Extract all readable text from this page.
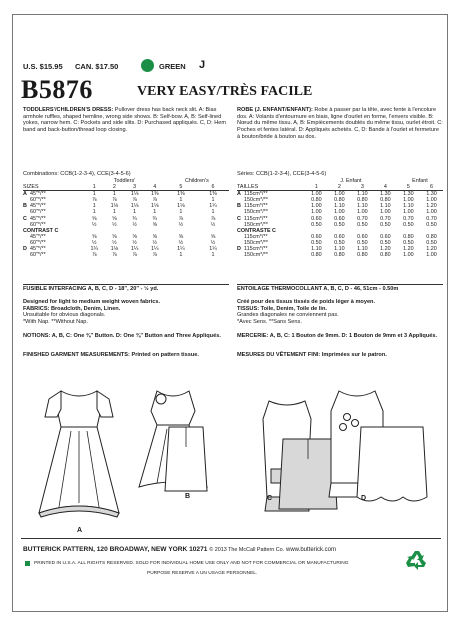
U.S. $15.95 CAN. $17.50	GREEN J
B5876	VERY EASY/TRÈS FACILE
TODDLERS'/CHILDREN'S DRESS: Pullover dress has back neck slit. A: Bias armhole ruffles, shaped hemline, wrong side shows. B: Self-bow. A, B: Self-lined yokes, narrow hem. C: Pockets and side slits. D: Purchased appliqués. C, D: Hem band and back-button/thread loop closing.
ROBE (J. ENFANT/ENFANT): Robe à passer par la tête, avec fente à l'encolure dos. A: Volants d'entournure en biais, ligne d'ourlet en forme, l'envers visible. B: Nœud du même tissu. A, B: Empiècements doublés du même tissu, ourlet étroit. C: Poches et fentes latéral. D: Appliqués achetés. C, D: Bande à l'ourlet et fermeture à bouton/bride à bouton au dos.
Combinations: CCB(1-2-3-4), CCE(3-4-5-6)	Séries: CCB(1-2-3-4), CCE(3-4-5-6)
	Toddlers'				Children's	
SIZES	1	2	3	4	5	6
A 45"*/**	1	1	1⅛	1⅜	1⅜	1⅜
60"*/**	⅞	⅞	⅞	⅞	1	1
B 45"*/**	1	1⅛	1⅛	1⅛	1⅛	1¼
60"*/**	1	1	1	1	1	1
C 45"*/**	⅝	⅝	¾	¾	⅞	⅞
60"*/**	½	½	½	⅝	½	½
CONTRAST C						
45"*/**	⅝	⅝	⅝	⅝	⅝	⅝
60"*/**	½	½	½	½	½	½
D 45"*/**	1¼	1⅛	1¼	1¼	1¼	1¼
60"*/**	⅞	⅞	⅞	⅞	1	1
	J. Enfant				Enfant	
TAILLES	1	2	3	4	5	6
A 115cm*/**	1.00	1.00	1.10	1.30	1.30	1.30
150cm*/**	0.80	0.80	0.80	0.80	1.00	1.00
B 115cm*/**	1.00	1.10	1.10	1.10	1.10	1.20
150cm*/**	1.00	1.00	1.00	1.00	1.00	1.00
C 115cm*/**	0.60	0.60	0.70	0.70	0.70	0.70
150cm*/**	0.50	0.50	0.50	0.50	0.50	0.50
CONTRASTE C						
115cm*/**	0.60	0.60	0.60	0.60	0.80	0.80
150cm*/**	0.50	0.50	0.50	0.50	0.50	0.50
D 115cm*/**	1.10	1.10	1.10	1.20	1.20	1.20
150cm*/**	0.80	0.80	0.80	0.80	1.00	1.00
FUSIBLE INTERFACING A, B, C, D - 18", 20" - ½ yd.	ENTOILAGE THERMOCOLLANT A, B, C, D - 46, 51cm - 0.50m
Designed for light to medium weight woven fabrics.
FABRICS: Broadcloth, Denim, Linen.
Unsuitable for obvious diagonals.
*With Nap. **Without Nap.
Créé pour des tissus tissés de poids léger à moyen.
TISSUS: Toile, Denim, Toile de lin.
Grandes diagonales ne conviennent pas.
*Avec Sens. **Sans Sens.
NOTIONS: A, B, C: One ⅜" Button. D: One ⅜" Button and Three Appliqués.	MERCERIE: A, B, C: 1 Bouton de 9mm. D: 1 Bouton de 9mm et 3 Appliqués.
FINISHED GARMENT MEASUREMENTS: Printed on pattern tissue.	MESURES DU VÊTEMENT FINI: Imprimées sur le patron.
A
B	C	D
BUTTERICK PATTERN, 120 BROADWAY, NEW YORK 10271 © 2013 The McCall Pattern Co. www.butterick.com
PRINTED IN U.S.A. ALL RIGHTS RESERVED. SOLD FOR INDIVIDUAL HOME USE ONLY AND NOT FOR COMMERCIAL OR MANUFACTURING
PURPOSE RESERVE A UN USAGE PERSONNEL.
